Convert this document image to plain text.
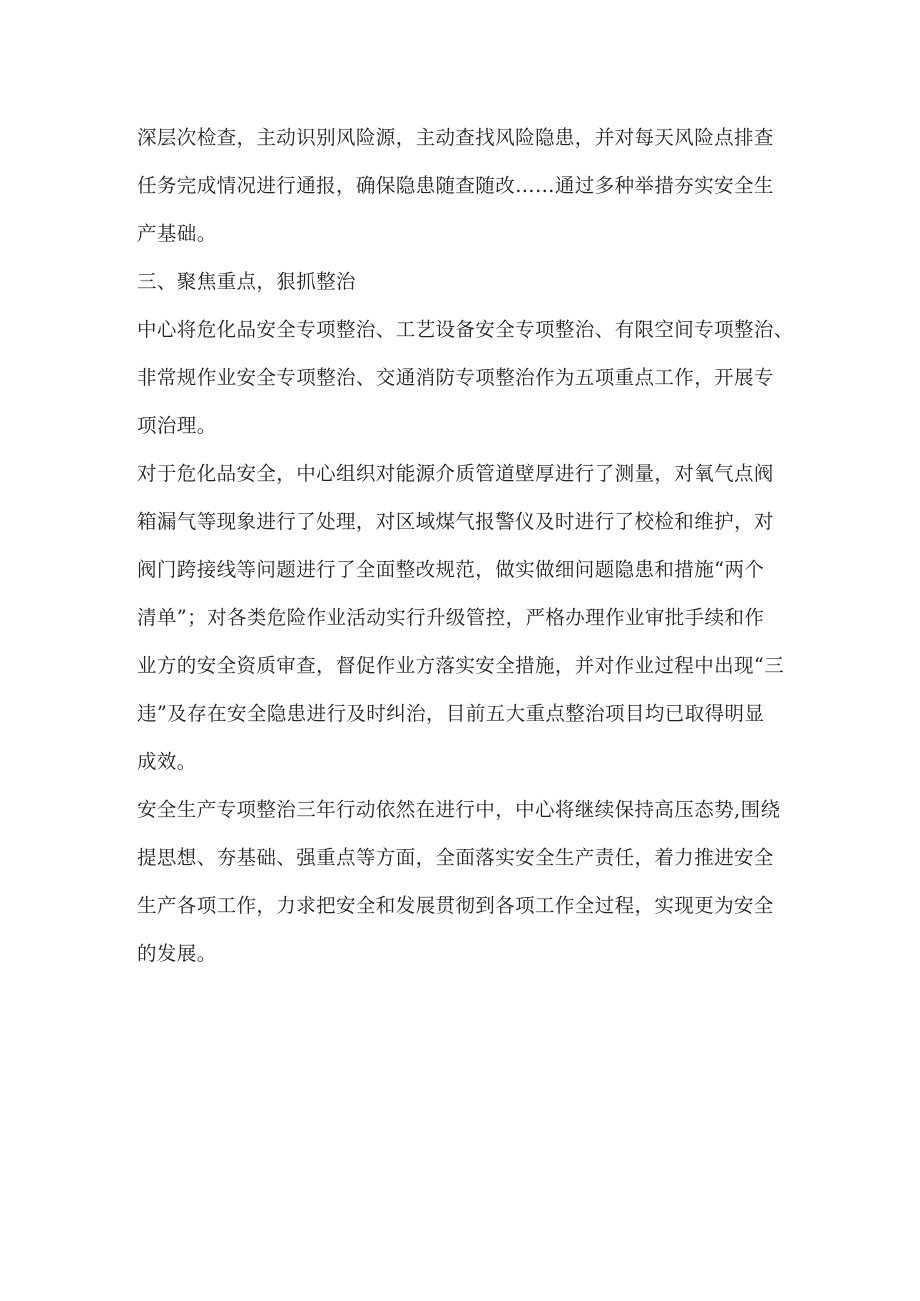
深层次检查，主动识别风险源，主动查找风险隐患，并对每天风险点排查
任务完成情况进行通报，确保隐患随查随改……通过多种举措夯实安全生
产基础。
三、聚焦重点，狠抓整治
中心将危化品安全专项整治、工艺设备安全专项整治、有限空间专项整治、
非常规作业安全专项整治、交通消防专项整治作为五项重点工作，开展专
项治理。
对于危化品安全，中心组织对能源介质管道壁厚进行了测量，对氧气点阀
箱漏气等现象进行了处理，对区域煤气报警仪及时进行了校检和维护，对
阀门跨接线等问题进行了全面整改规范，做实做细问题隐患和措施“两个
清单”；对各类危险作业活动实行升级管控，严格办理作业审批手续和作
业方的安全资质审查，督促作业方落实安全措施，并对作业过程中出现“三
违”及存在安全隐患进行及时纠治，目前五大重点整治项目均已取得明显
成效。
安全生产专项整治三年行动依然在进行中，中心将继续保持高压态势,围绕
提思想、夯基础、强重点等方面，全面落实安全生产责任，着力推进安全
生产各项工作，力求把安全和发展贯彻到各项工作全过程，实现更为安全
的发展。
